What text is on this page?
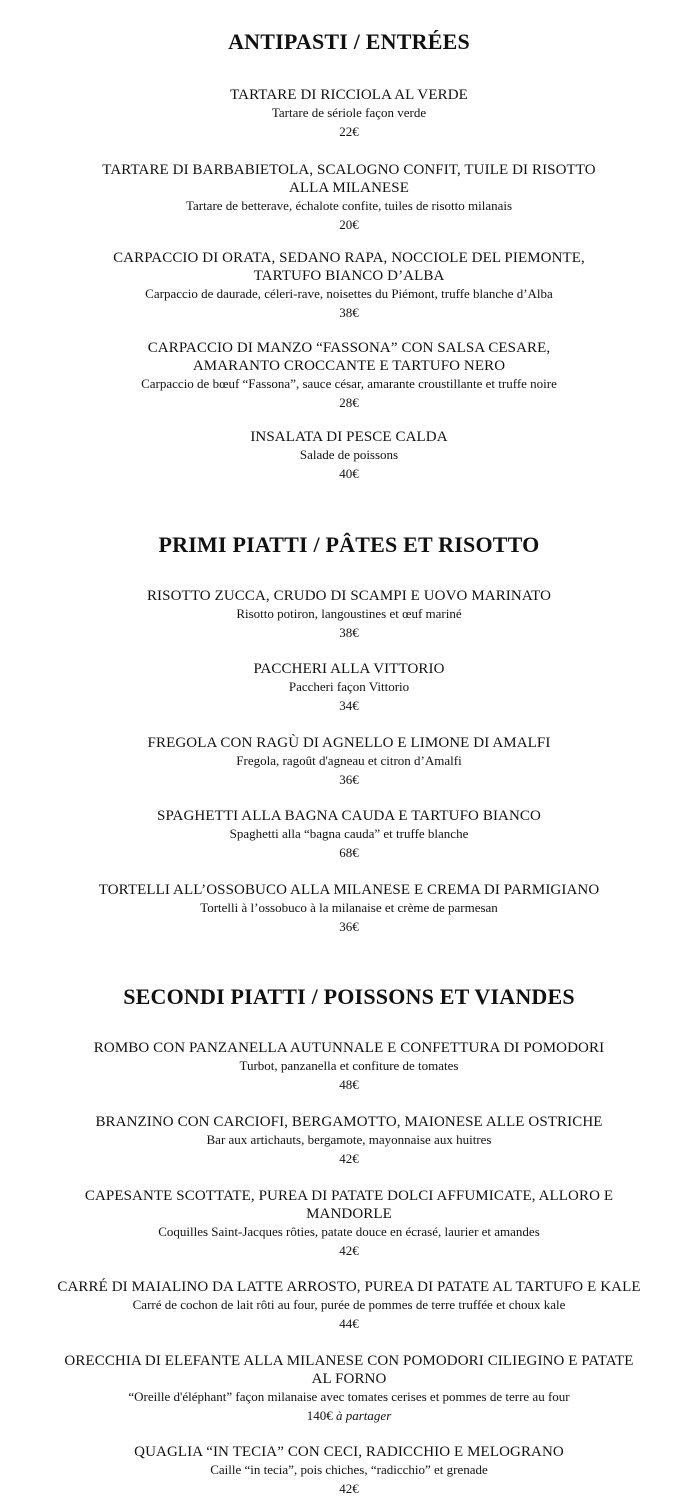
ANTIPASTI / ENTRÉES
TARTARE DI RICCIOLA AL VERDE
Tartare de sériole façon verde
22€
TARTARE DI BARBABIETOLA, SCALOGNO CONFIT, TUILE DI RISOTTO
ALLA MILANESE
Tartare de betterave, échalote confite, tuiles de risotto milanais
20€
CARPACCIO DI ORATA, SEDANO RAPA, NOCCIOLE DEL PIEMONTE,
TARTUFO BIANCO D’ALBA
Carpaccio de daurade, céleri-rave, noisettes du Piémont, truffe blanche d’Alba
38€
CARPACCIO DI MANZO “FASSONA” CON SALSA CESARE,
AMARANTO CROCCANTE E TARTUFO NERO
Carpaccio de bœuf “Fassona”, sauce césar, amarante croustillante et truffe noire
28€
INSALATA DI PESCE CALDA
Salade de poissons
40€
PRIMI PIATTI / PÂTES ET RISOTTO
RISOTTO ZUCCA, CRUDO DI SCAMPI E UOVO MARINATO
Risotto potiron, langoustines et œuf mariné
38€
PACCHERI ALLA VITTORIO
Paccheri façon Vittorio
34€
FREGOLA CON RAGÙ DI AGNELLO E LIMONE DI AMALFI
Fregola, ragoût d'agneau et citron d’Amalfi
36€
SPAGHETTI ALLA BAGNA CAUDA E TARTUFO BIANCO
Spaghetti alla “bagna cauda” et truffe blanche
68€
TORTELLI ALL’OSSOBUCO ALLA MILANESE E CREMA DI PARMIGIANO
Tortelli à l’ossobuco à la milanaise et crème de parmesan
36€
SECONDI PIATTI / POISSONS ET VIANDES
ROMBO CON PANZANELLA AUTUNNALE E CONFETTURA DI POMODORI
Turbot, panzanella et confiture de tomates
48€
BRANZINO CON CARCIOFI, BERGAMOTTO, MAIONESE ALLE OSTRICHE
Bar aux artichauts, bergamote, mayonnaise aux huitres
42€
CAPESANTE SCOTTATE, PUREA DI PATATE DOLCI AFFUMICATE, ALLORO E
MANDORLE
Coquilles Saint-Jacques rôties, patate douce en écrasé, laurier et amandes
42€
CARRÉ DI MAIALINO DA LATTE ARROSTO, PUREA DI PATATE AL TARTUFO E KALE
Carré de cochon de lait rôti au four, purée de pommes de terre truffée et choux kale
44€
ORECCHIA DI ELEFANTE ALLA MILANESE CON POMODORI CILIEGINO E PATATE
AL FORNO
“Oreille d'éléphant” façon milanaise avec tomates cerises et pommes de terre au four
140€ à partager
QUAGLIA “IN TECIA” CON CECI, RADICCHIO E MELOGRANO
Caille “in tecia”, pois chiches, “radicchio” et grenade
42€
